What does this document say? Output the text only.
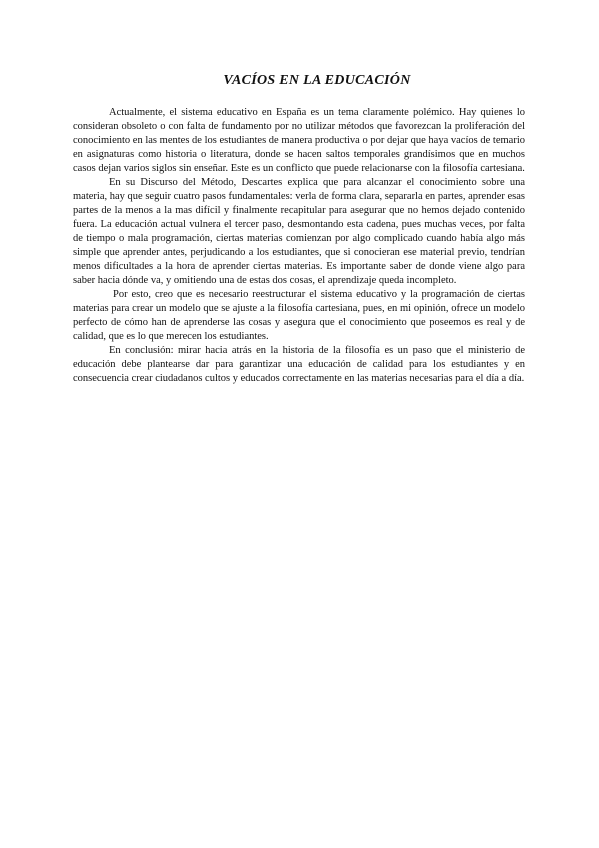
VACÍOS EN LA EDUCACIÓN

Actualmente, el sistema educativo en España es un tema claramente polémico. Hay quienes lo consideran obsoleto o con falta de fundamento por no utilizar métodos que favorezcan la proliferación del conocimiento en las mentes de los estudiantes de manera productiva o por dejar que haya vacíos de temario en asignaturas como historia o literatura, donde se hacen saltos temporales grandísimos que en muchos casos dejan varios siglos sin enseñar. Este es un conflicto que puede relacionarse con la filosofía cartesiana.

En su Discurso del Método, Descartes explica que para alcanzar el conocimiento sobre una materia, hay que seguir cuatro pasos fundamentales: verla de forma clara, separarla en partes, aprender esas partes de la menos a la mas difícil y finalmente recapitular para asegurar que no hemos dejado contenido fuera. La educación actual vulnera el tercer paso, desmontando esta cadena, pues muchas veces, por falta de tiempo o mala programación, ciertas materias comienzan por algo complicado cuando había algo más simple que aprender antes, perjudicando a los estudiantes, que si conocieran ese material previo, tendrían menos dificultades a la hora de aprender ciertas materias. Es importante saber de donde viene algo para saber hacia dónde va, y omitiendo una de estas dos cosas, el aprendizaje queda incompleto.

Por esto, creo que es necesario reestructurar el sistema educativo y la programación de ciertas materias para crear un modelo que se ajuste a la filosofía cartesiana, pues, en mi opinión, ofrece un modelo perfecto de cómo han de aprenderse las cosas y asegura que el conocimiento que poseemos es real y de calidad, que es lo que merecen los estudiantes.

En conclusión: mirar hacia atrás en la historia de la filosofía es un paso que el ministerio de educación debe plantearse dar para garantizar una educación de calidad para los estudiantes y en consecuencia crear ciudadanos cultos y educados correctamente en las materias necesarias para el día a día.
